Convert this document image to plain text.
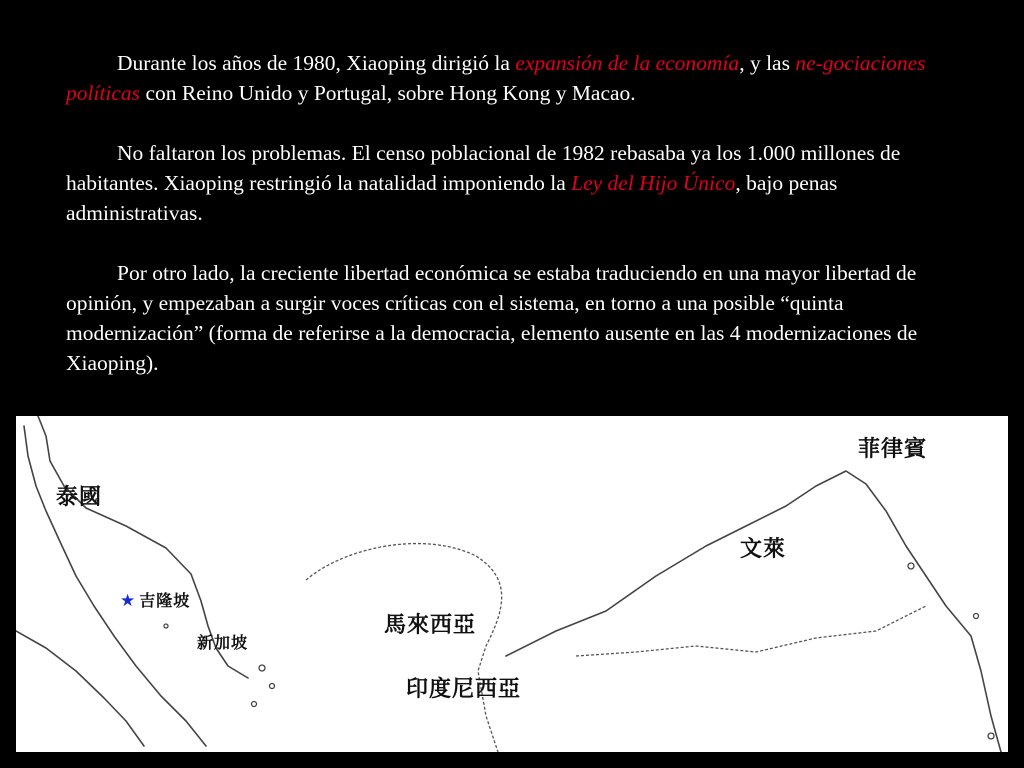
Durante los años de 1980, Xiaoping dirigió la expansión de la economía, y las ne-gociaciones políticas con Reino Unido y Portugal, sobre Hong Kong y Macao.

No faltaron los problemas. El censo poblacional de 1982 rebasaba ya los 1.000 millones de habitantes. Xiaoping restringió la natalidad imponiendo la Ley del Hijo Único, bajo penas administrativas.

Por otro lado, la creciente libertad económica se estaba traduciendo en una mayor libertad de opinión, y empezaban a surgir voces críticas con el sistema, en torno a una posible “quinta modernización” (forma de referirse a la democracia, elemento ausente en las 4 modernizaciones de Xiaoping).

泰國
★ 吉隆坡
新加坡
馬來西亞
印度尼西亞
文萊
菲律賓
